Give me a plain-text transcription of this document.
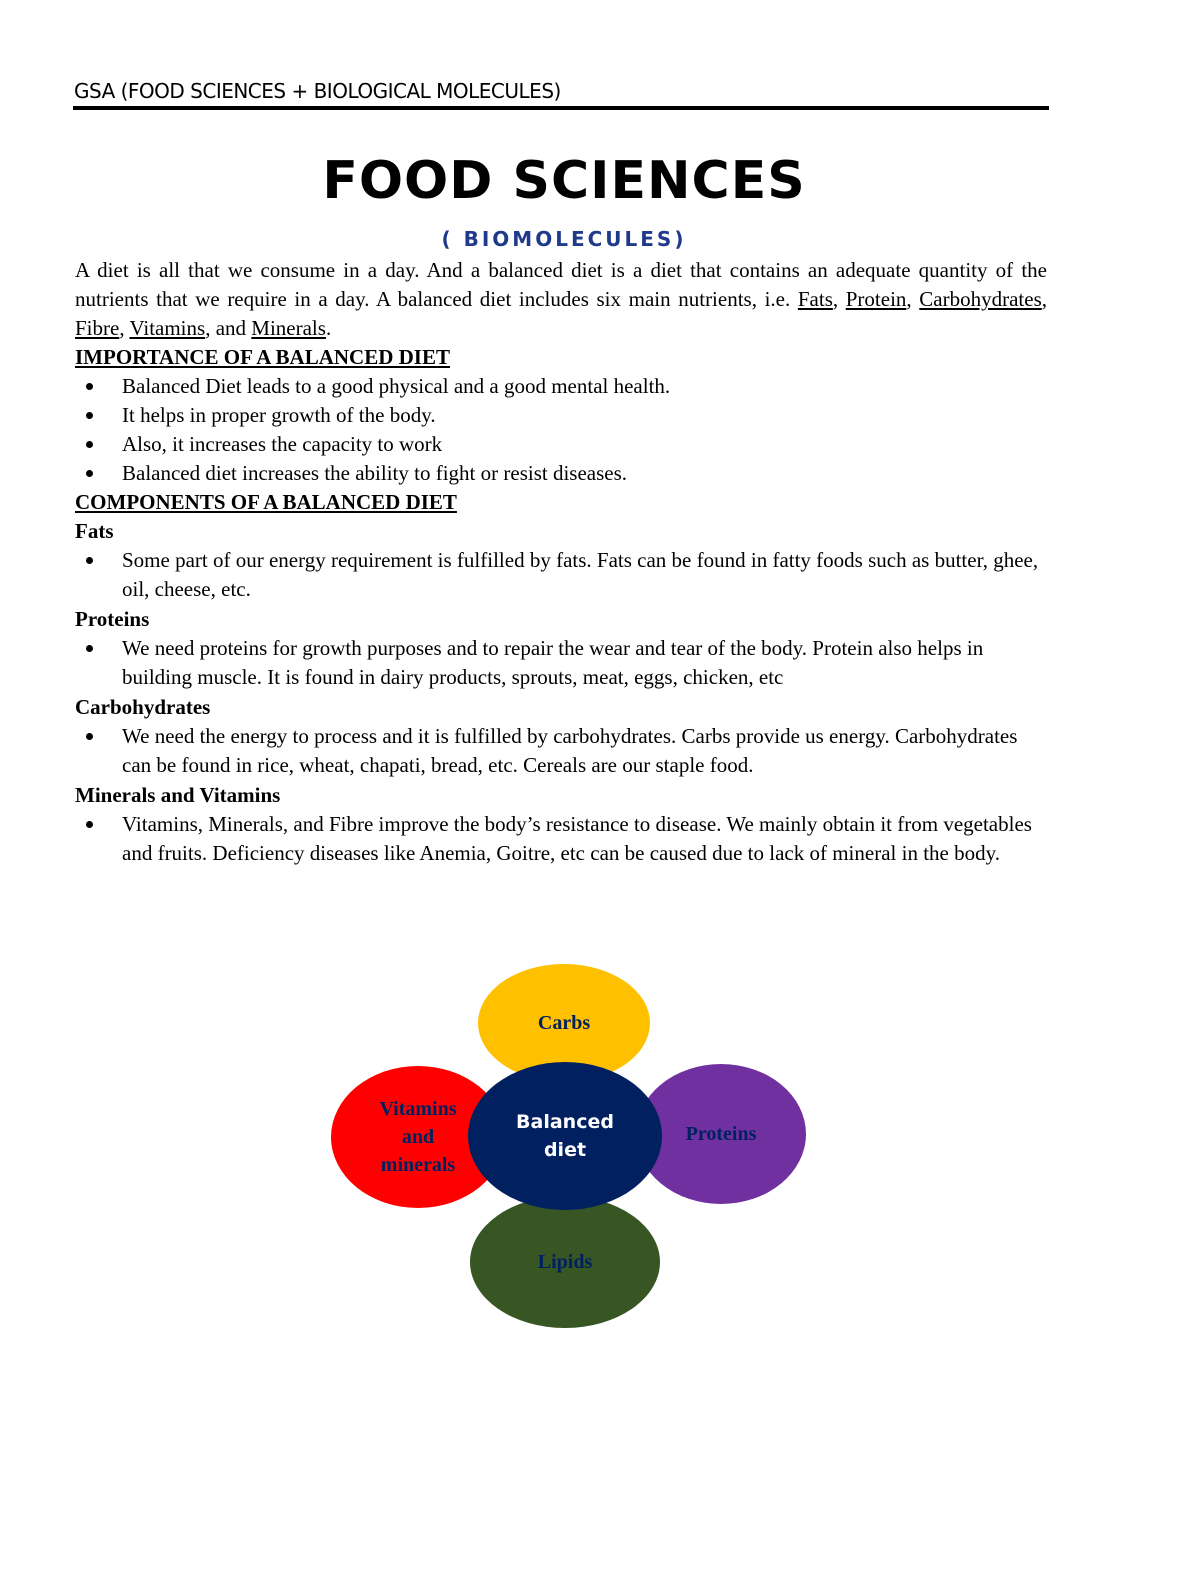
GSA (FOOD SCIENCES + BIOLOGICAL MOLECULES)
FOOD SCIENCES
( BIOMOLECULES)

A diet is all that we consume in a day. And a balanced diet is a diet that contains an adequate quantity of the nutrients that we require in a day. A balanced diet includes six main nutrients, i.e. Fats, Protein, Carbohydrates, Fibre, Vitamins, and Minerals.

IMPORTANCE OF A BALANCED DIET
Balanced Diet leads to a good physical and a good mental health.
It helps in proper growth of the body.
Also, it increases the capacity to work
Balanced diet increases the ability to fight or resist diseases.
COMPONENTS OF A BALANCED DIET
Fats
Some part of our energy requirement is fulfilled by fats. Fats can be found in fatty foods such as butter, ghee, oil, cheese, etc.
Proteins
We need proteins for growth purposes and to repair the wear and tear of the body. Protein also helps in building muscle. It is found in dairy products, sprouts, meat, eggs, chicken, etc
Carbohydrates
We need the energy to process and it is fulfilled by carbohydrates. Carbs provide us energy. Carbohydrates can be found in rice, wheat, chapati, bread, etc. Cereals are our staple food.
Minerals and Vitamins
Vitamins, Minerals, and Fibre improve the body’s resistance to disease. We mainly obtain it from vegetables and fruits. Deficiency diseases like Anemia, Goitre, etc can be caused due to lack of mineral in the body.
Carbs
Vitamins and minerals
Proteins
Lipids
Balanced diet
